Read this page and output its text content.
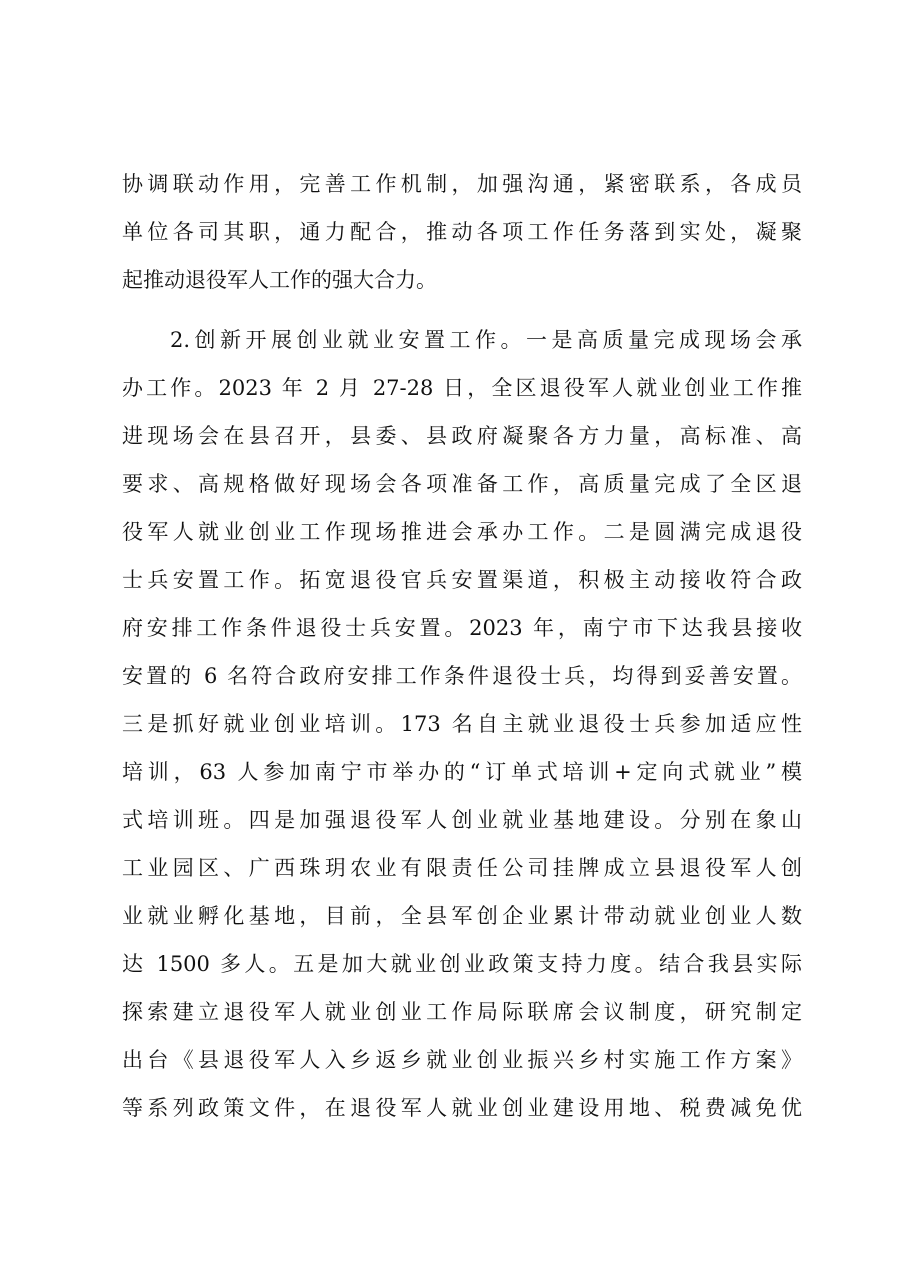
协调联动作用，完善工作机制，加强沟通，紧密联系，各成员
单位各司其职，通力配合，推动各项工作任务落到实处，凝聚
起推动退役军人工作的强大合力。
2.创新开展创业就业安置工作。一是高质量完成现场会承
办工作。2023 年 2 月 27-28 日，全区退役军人就业创业工作推
进现场会在县召开，县委、县政府凝聚各方力量，高标准、高
要求、高规格做好现场会各项准备工作，高质量完成了全区退
役军人就业创业工作现场推进会承办工作。二是圆满完成退役
士兵安置工作。拓宽退役官兵安置渠道，积极主动接收符合政
府安排工作条件退役士兵安置。2023 年，南宁市下达我县接收
安置的 6 名符合政府安排工作条件退役士兵，均得到妥善安置。
三是抓好就业创业培训。173 名自主就业退役士兵参加适应性
培训，63 人参加南宁市举办的“订单式培训+定向式就业”模
式培训班。四是加强退役军人创业就业基地建设。分别在象山
工业园区、广西珠玥农业有限责任公司挂牌成立县退役军人创
业就业孵化基地，目前，全县军创企业累计带动就业创业人数
达 1500 多人。五是加大就业创业政策支持力度。结合我县实际
探索建立退役军人就业创业工作局际联席会议制度，研究制定
出台《县退役军人入乡返乡就业创业振兴乡村实施工作方案》
等系列政策文件，在退役军人就业创业建设用地、税费减免优
